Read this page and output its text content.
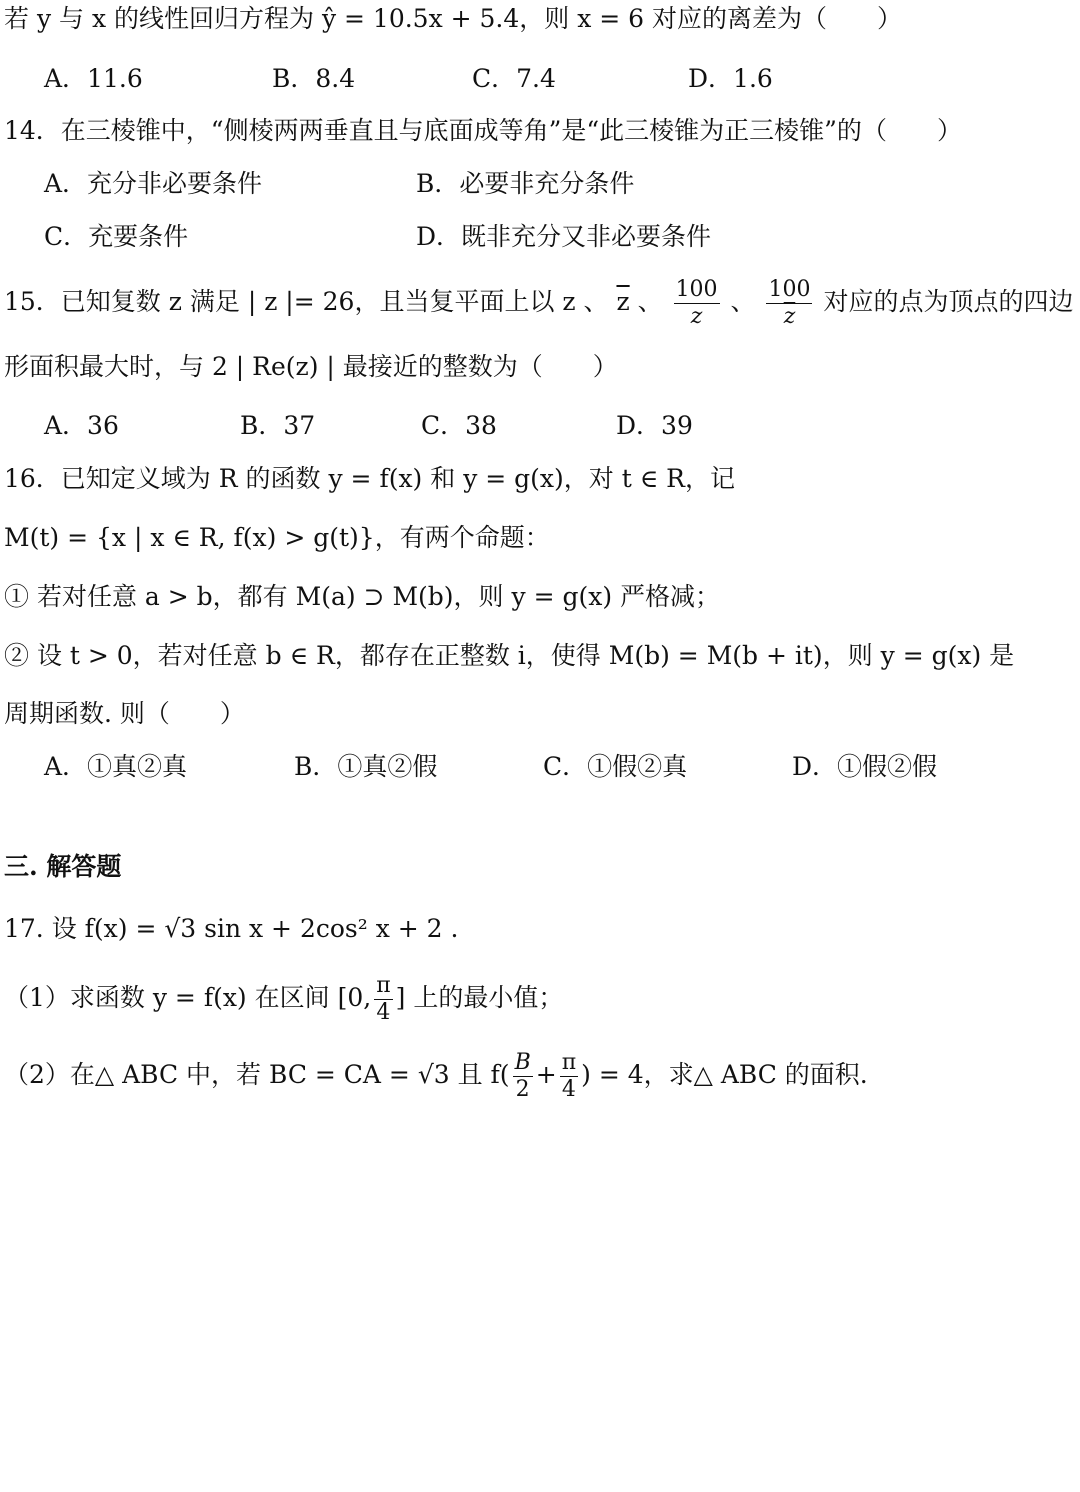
若 y 与 x 的线性回归方程为 ŷ = 10.5x + 5.4，则 x = 6 对应的离差为（　　）
A．11.6	B．8.4	C．7.4	D．1.6
14．在三棱锥中，“侧棱两两垂直且与底面成等角”是“此三棱锥为正三棱锥”的（　　）
A．充分非必要条件	B．必要非充分条件
C．充要条件	D．既非充分又非必要条件
15．已知复数 z 满足 | z |= 26，且当复平面上以 z 、 $\overline{z}$ 、 $\frac{100}{z}$ 、 $\frac{100}{z}$ 对应的点为顶点的四边
形面积最大时，与 2 | Re(z) | 最接近的整数为（　　）
A．36	B．37	C．38	D．39
16．已知定义域为 R 的函数 y = f(x) 和 y = g(x)，对 t ∈ R，记
M(t) = {x | x ∈ R, f(x) > g(t)}，有两个命题：
① 若对任意 a > b，都有 M(a) ⊃ M(b)，则 y = g(x) 严格减；
② 设 t > 0，若对任意 b ∈ R，都存在正整数 i，使得 M(b) = M(b + it)，则 y = g(x) 是
周期函数. 则（　　）
A．①真②真	B．①真②假	C．①假②真	D．①假②假
三. 解答题
17. 设 f(x) = √3 sin x + 2cos² x + 2 .
（1）求函数 y = f(x) 在区间 [0, $\frac{\pi}{4}$ ] 上的最小值；
（2）在△ ABC 中，若 BC = CA = √3 且 $f( \frac{B}{2} + \frac{\pi}{4}$ ) = 4，求△ ABC 的面积.
